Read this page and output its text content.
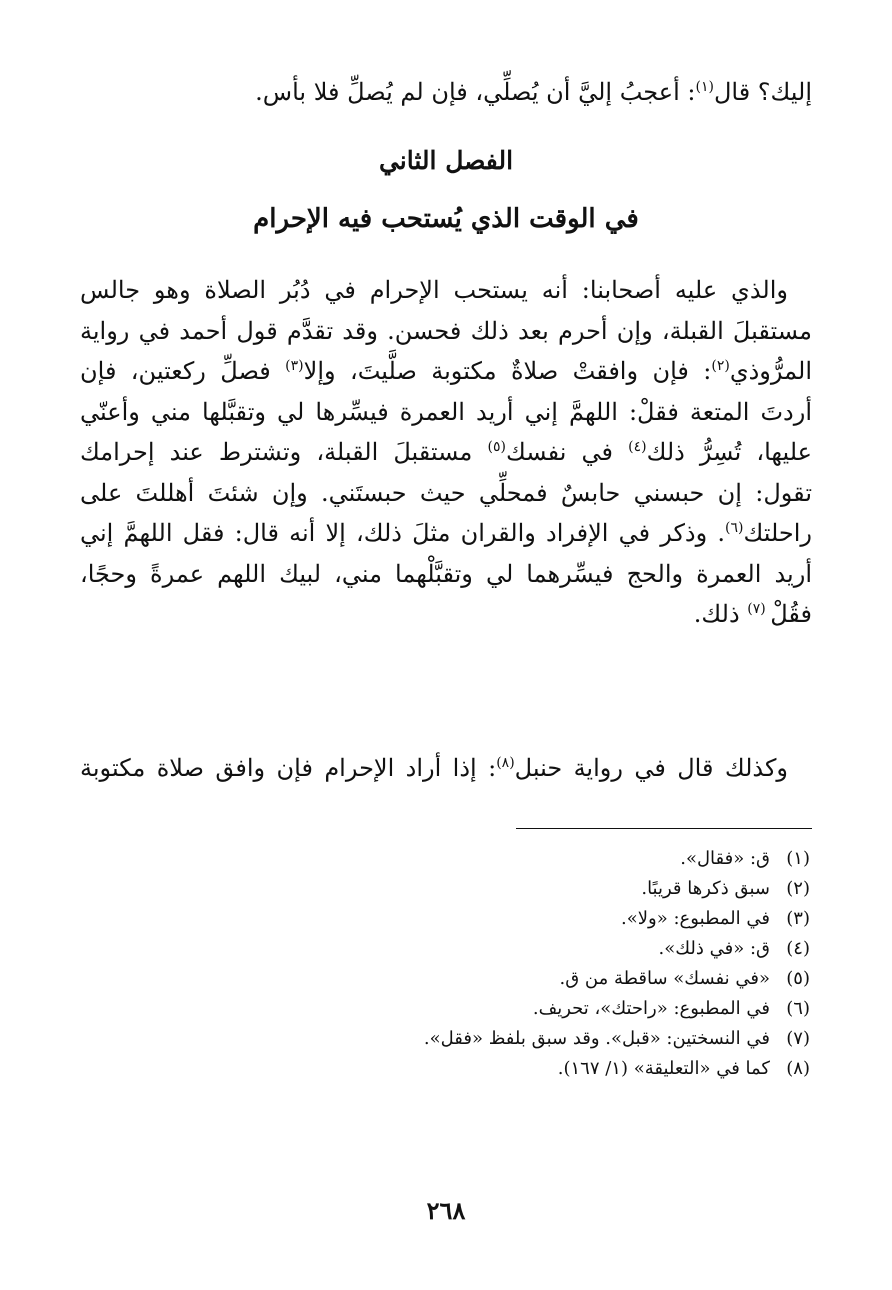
إليك؟ قال$^{(١)}$: أعجبُ إليَّ أن يُصلِّي، فإن لم يُصلِّ فلا بأس.
الفصل الثاني
في الوقت الذي يُستحب فيه الإحرام
والذي عليه أصحابنا: أنه يستحب الإحرام في دُبُر الصلاة وهو جالس
مستقبلَ القبلة، وإن أحرم بعد ذلك فحسن. وقد تقدَّم قول أحمد في رواية
المرُّوذي$^{(٢)}$: فإن وافقتْ صلاةٌ مكتوبة صلَّيتَ، وإلا$^{(٣)}$ فصلِّ ركعتين، فإن
أردتَ المتعة فقلْ: اللهمَّ إني أريد العمرة فيسِّرها لي وتقبَّلها مني وأعنّي
عليها، تُسِرُّ ذلك$^{(٤)}$ في نفسك$^{(٥)}$ مستقبلَ القبلة، وتشترط عند إحرامك
تقول: إن حبسني حابسٌ فمحلِّي حيث حبستَني. وإن شئتَ أهللتَ على
راحلتك$^{(٦)}$. وذكر في الإفراد والقران مثلَ ذلك، إلا أنه قال: فقل اللهمَّ إني
أريد العمرة والحج فيسِّرهما لي وتقبَّلْهما مني، لبيك اللهم عمرةً وحجًا،
فقُلْ $^{(٧)}$ ذلك.
وكذلك قال في رواية حنبل$^{(٨)}$: إذا أراد الإحرام فإن وافق صلاة مكتوبة
(١)ق: «فقال».
(٢)سبق ذكرها قريبًا.
(٣)في المطبوع: «ولا».
(٤)ق: «في ذلك».
(٥)«في نفسك» ساقطة من ق.
(٦)في المطبوع: «راحتك»، تحريف.
(٧)في النسختين: «قبل». وقد سبق بلفظ «فقل».
(٨)كما في «التعليقة» (١/ ١٦٧).
٢٦٨
